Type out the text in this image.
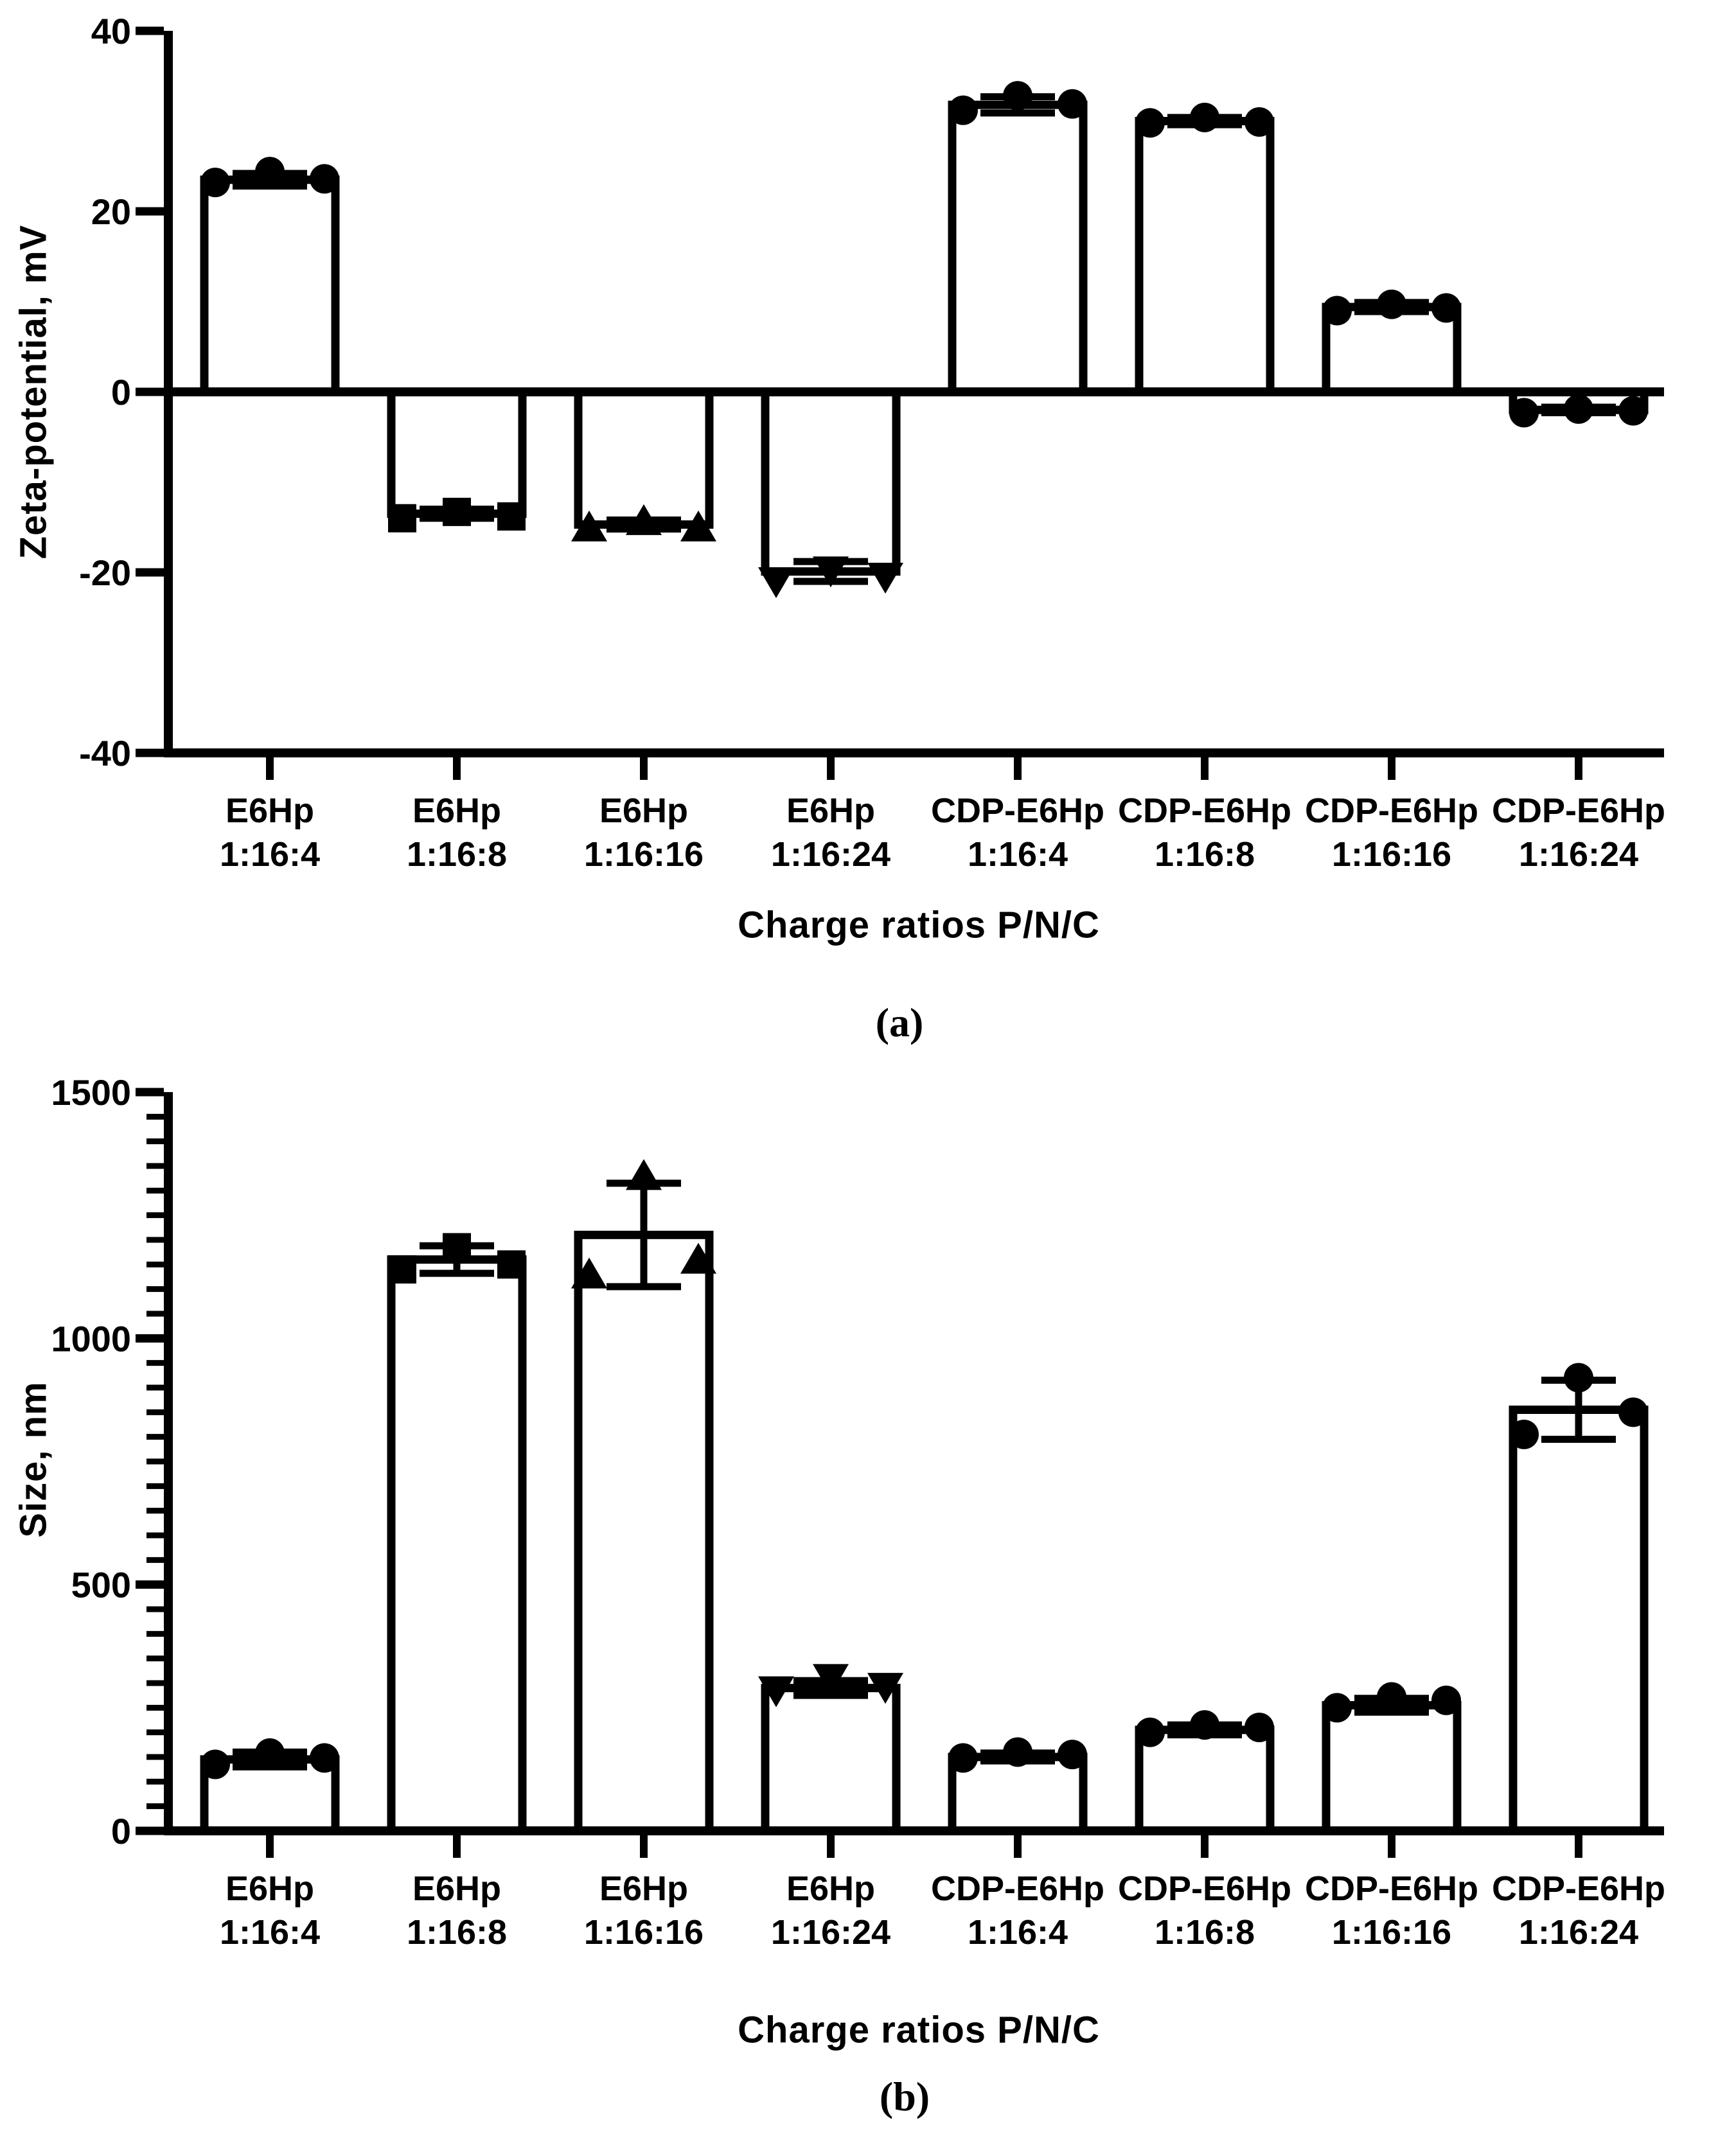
40
20
0
-20
-40
E6Hp
1:16:4
E6Hp
1:16:8
E6Hp
1:16:16
E6Hp
1:16:24
CDP-E6Hp
1:16:4
CDP-E6Hp
1:16:8
CDP-E6Hp
1:16:16
CDP-E6Hp
1:16:24
1500
1000
500
0
E6Hp
1:16:4
E6Hp
1:16:8
E6Hp
1:16:16
E6Hp
1:16:24
CDP-E6Hp
1:16:4
CDP-E6Hp
1:16:8
CDP-E6Hp
1:16:16
CDP-E6Hp
1:16:24
Zeta-potential, mV
Charge ratios P/N/C
(a)
Size, nm
Charge ratios P/N/C
(b)
